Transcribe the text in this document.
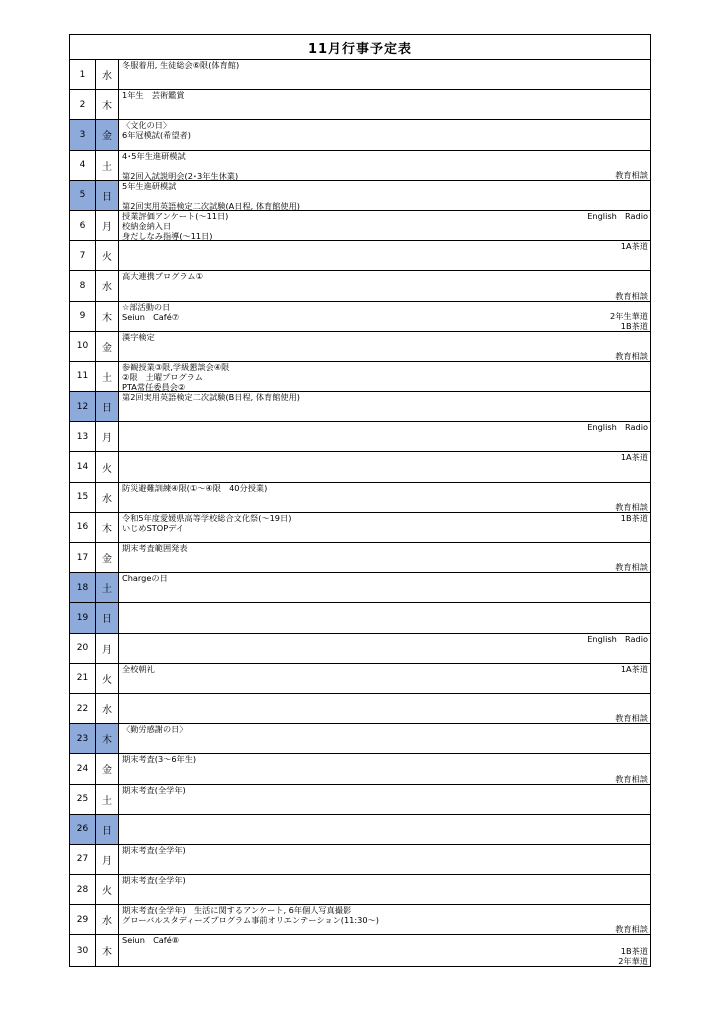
11月行事予定表
1	水
冬服着用, 生徒総会⑥限(体育館)
2	木
1年生　芸術鑑賞
3	金
〈文化の日〉
6年冠模試(希望者)
4	土
4･5年生進研模試

第2回入試説明会(2･3年生休業)	教育相談
5	日
5年生進研模試

第2回実用英語検定二次試験(A日程, 体育館使用)
6	月
授業評価アンケート(～11日)
校納金納入日
身だしなみ指導(～11日)
English　Radio
7	火
1A茶道
8	水
高大連携プログラム①
教育相談
9	木
☆部活動の日
Seiun　Café⑦	2年生華道
1B茶道
10	金
漢字検定
教育相談
11	土
参観授業③限,学級懇談会④限
②限　土曜プログラム
PTA常任委員会②
12	日
第2回実用英語検定二次試験(B日程, 体育館使用)
13	月
English　Radio
14	火
1A茶道
15	水
防災避難訓練④限(①～④限　40分授業)
教育相談
16	木
令和5年度愛媛県高等学校総合文化祭(～19日)
いじめSTOPデイ
1B茶道
17	金
期末考査範囲発表
教育相談
18	土
Chargeの日
19	日
20	月
English　Radio
21	火
全校朝礼	1A茶道
22	水
教育相談
23	木
〈勤労感謝の日〉
24	金
期末考査(3～6年生)
教育相談
25	土
期末考査(全学年)
26	日
27	月
期末考査(全学年)
28	火
期末考査(全学年)
29	水
期末考査(全学年)　生活に関するアンケート, 6年個人写真撮影
グローバルスタディーズプログラム事前オリエンテーション(11:30～)
教育相談
30	木
Seiun　Café⑧
1B茶道
2年華道
